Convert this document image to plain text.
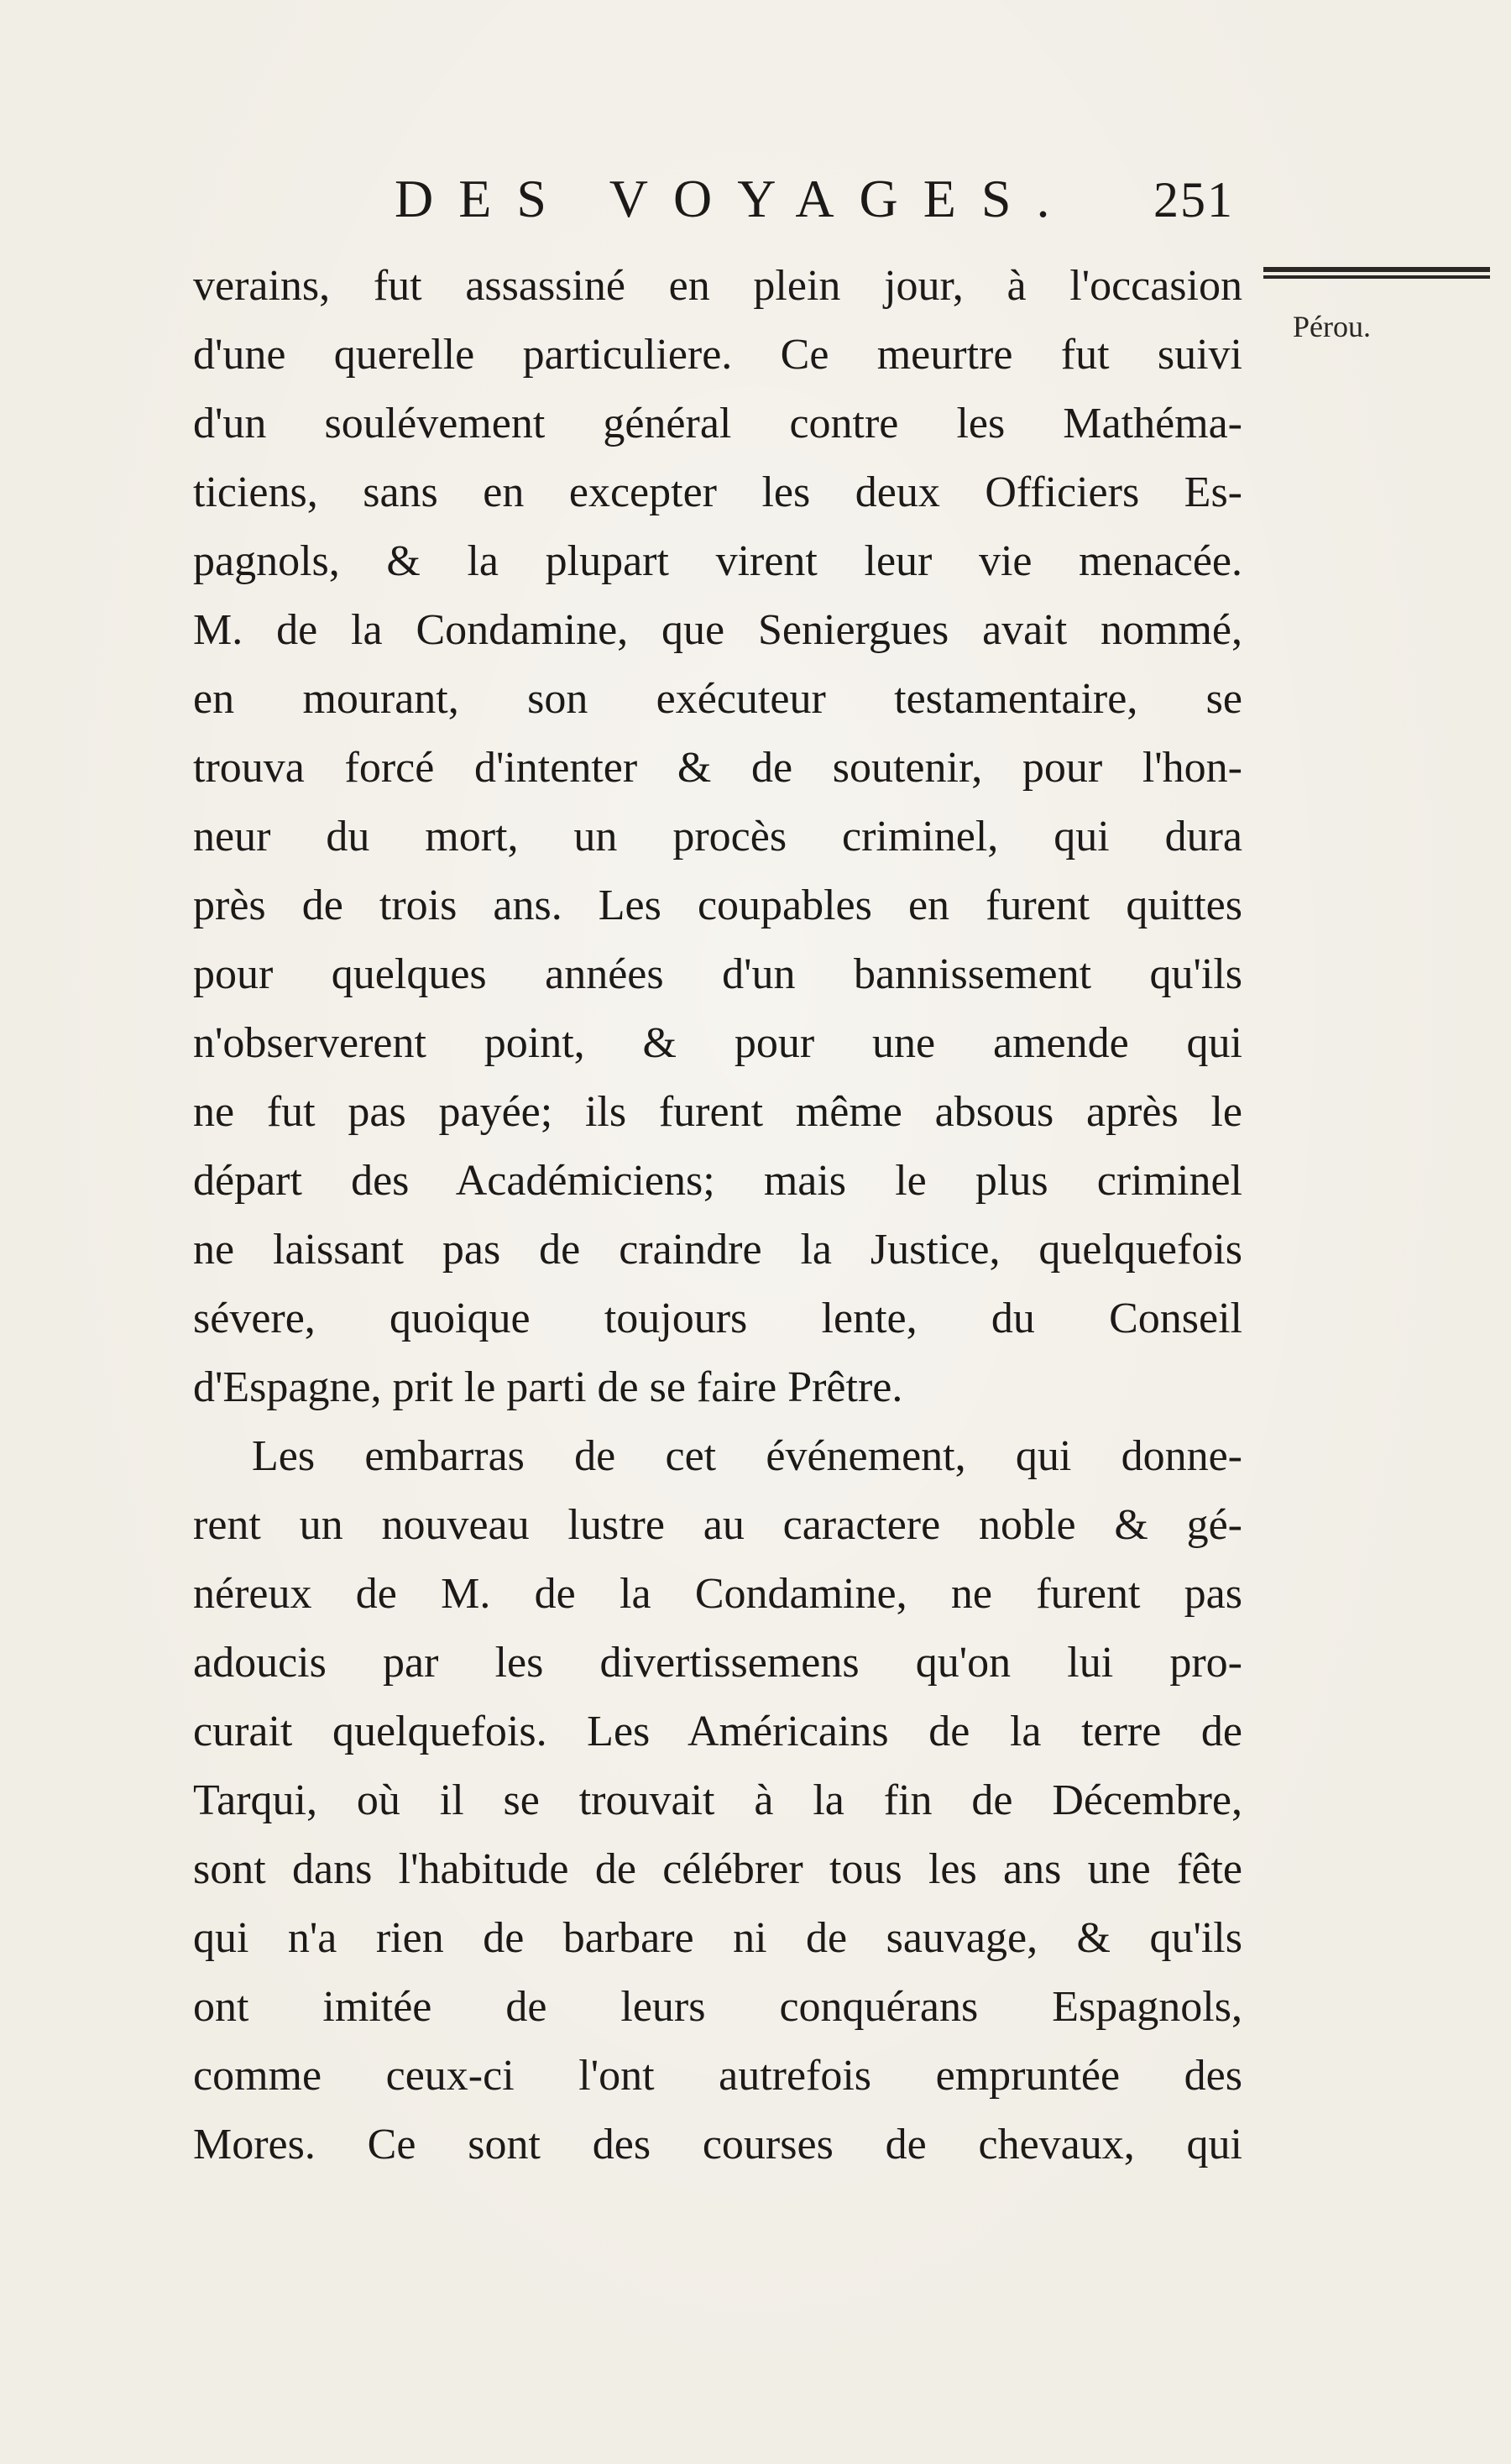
DES VOYAGES. 251
Pérou.
verains, fut assassiné en plein jour, à l'occasion
d'une querelle particuliere. Ce meurtre fut suivi
d'un soulévement général contre les Mathéma-
ticiens, sans en excepter les deux Officiers Es-
pagnols, & la plupart virent leur vie menacée.
M. de la Condamine, que Seniergues avait nommé,
en mourant, son exécuteur testamentaire, se
trouva forcé d'intenter & de soutenir, pour l'hon-
neur du mort, un procès criminel, qui dura
près de trois ans. Les coupables en furent quittes
pour quelques années d'un bannissement qu'ils
n'observerent point, & pour une amende qui
ne fut pas payée; ils furent même absous après le
départ des Académiciens; mais le plus criminel
ne laissant pas de craindre la Justice, quelquefois
sévere, quoique toujours lente, du Conseil
d'Espagne, prit le parti de se faire Prêtre.
Les embarras de cet événement, qui donne-
rent un nouveau lustre au caractere noble & gé-
néreux de M. de la Condamine, ne furent pas
adoucis par les divertissemens qu'on lui pro-
curait quelquefois. Les Américains de la terre de
Tarqui, où il se trouvait à la fin de Décembre,
sont dans l'habitude de célébrer tous les ans une fête
qui n'a rien de barbare ni de sauvage, & qu'ils
ont imitée de leurs conquérans Espagnols,
comme ceux-ci l'ont autrefois empruntée des
Mores. Ce sont des courses de chevaux, qui
